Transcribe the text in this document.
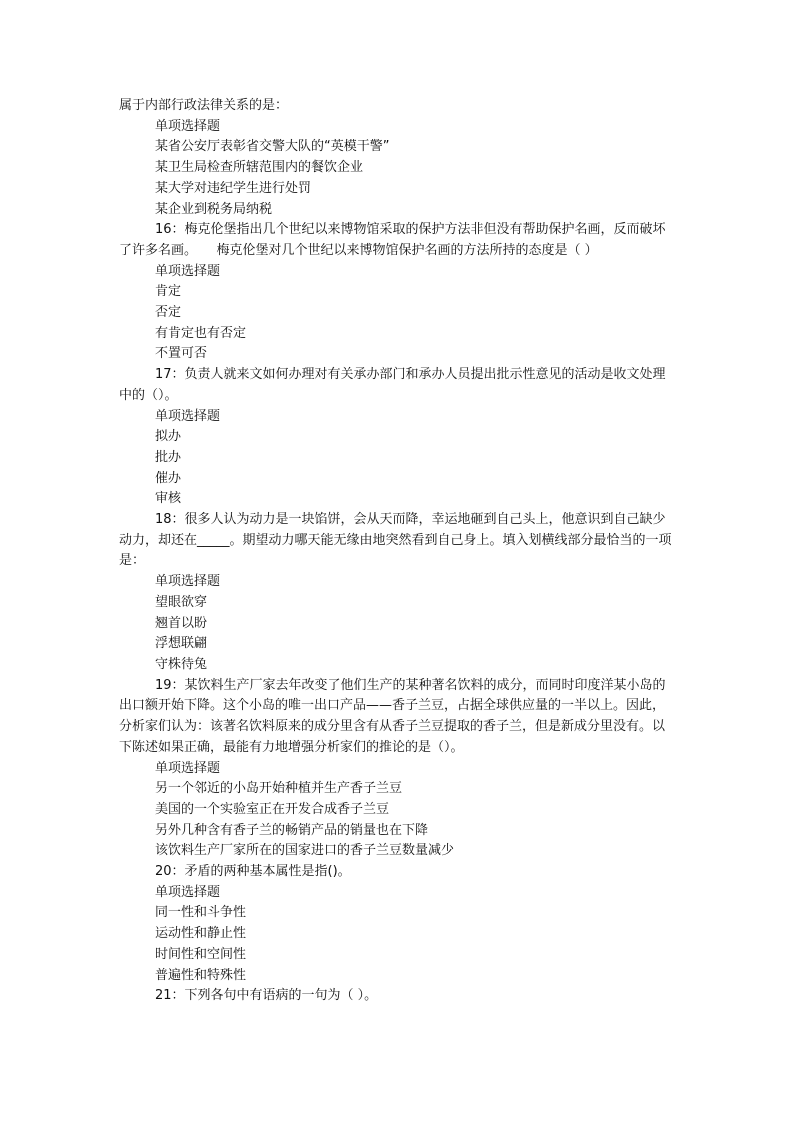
属于内部行政法律关系的是：
单项选择题
某省公安厅表彰省交警大队的“英模干警”
某卫生局检查所辖范围内的餐饮企业
某大学对违纪学生进行处罚
某企业到税务局纳税
16：梅克伦堡指出几个世纪以来博物馆采取的保护方法非但没有帮助保护名画，反而破坏了许多名画。　　梅克伦堡对几个世纪以来博物馆保护名画的方法所持的态度是（ ）
单项选择题
肯定
否定
有肯定也有否定
不置可否
17：负责人就来文如何办理对有关承办部门和承办人员提出批示性意见的活动是收文处理中的（）。
单项选择题
拟办
批办
催办
审核
18：很多人认为动力是一块馅饼，会从天而降，幸运地砸到自己头上，他意识到自己缺少动力，却还在_____。期望动力哪天能无缘由地突然看到自己身上。填入划横线部分最恰当的一项是：
单项选择题
望眼欲穿
翘首以盼
浮想联翩
守株待兔
19：某饮料生产厂家去年改变了他们生产的某种著名饮料的成分，而同时印度洋某小岛的出口额开始下降。这个小岛的唯一出口产品——香子兰豆，占据全球供应量的一半以上。因此，分析家们认为：该著名饮料原来的成分里含有从香子兰豆提取的香子兰，但是新成分里没有。以下陈述如果正确，最能有力地增强分析家们的推论的是（）。
单项选择题
另一个邻近的小岛开始种植并生产香子兰豆
美国的一个实验室正在开发合成香子兰豆
另外几种含有香子兰的畅销产品的销量也在下降
该饮料生产厂家所在的国家进口的香子兰豆数量减少
20：矛盾的两种基本属性是指()。
单项选择题
同一性和斗争性
运动性和静止性
时间性和空间性
普遍性和特殊性
21：下列各句中有语病的一句为（ ）。
